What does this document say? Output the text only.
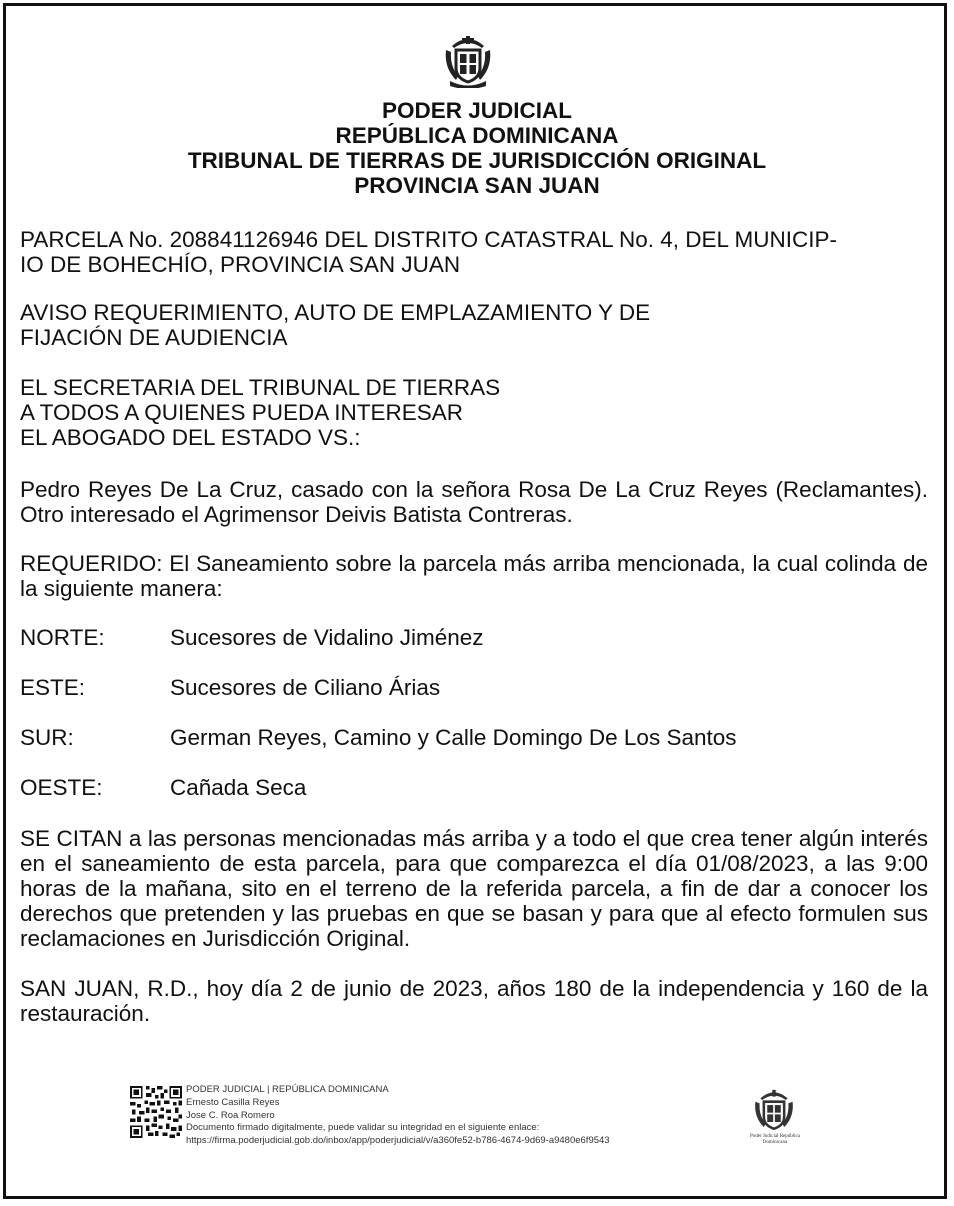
PODER JUDICIAL
REPÚBLICA DOMINICANA
TRIBUNAL DE TIERRAS DE JURISDICCIÓN ORIGINAL
PROVINCIA SAN JUAN
PARCELA No. 208841126946 DEL DISTRITO CATASTRAL No. 4, DEL MUNICIP-
IO DE BOHECHÍO, PROVINCIA SAN JUAN
AVISO REQUERIMIENTO, AUTO DE EMPLAZAMIENTO Y DE
FIJACIÓN DE AUDIENCIA
EL SECRETARIA DEL TRIBUNAL DE TIERRAS
A TODOS A QUIENES PUEDA INTERESAR
EL ABOGADO DEL ESTADO VS.:
Pedro Reyes De La Cruz, casado con la señora Rosa De La Cruz Reyes (Reclamantes). Otro interesado el Agrimensor Deivis Batista Contreras.
REQUERIDO: El Saneamiento sobre la parcela más arriba mencionada, la cual colinda de la siguiente manera:
NORTE:	Sucesores de Vidalino Jiménez
ESTE:	Sucesores de Ciliano Árias
SUR:	German Reyes, Camino y Calle Domingo De Los Santos
OESTE:	Cañada Seca
SE CITAN a las personas mencionadas más arriba y a todo el que crea tener algún interés en el saneamiento de esta parcela, para que comparezca el día 01/08/2023, a las 9:00 horas de la mañana, sito en el terreno de la referida parcela, a fin de dar a conocer los derechos que pretenden y las pruebas en que se basan y para que al efecto formulen sus reclamaciones en Jurisdicción Original.
SAN JUAN, R.D., hoy día 2 de junio de 2023, años 180 de la independencia y 160 de la restauración.
PODER JUDICIAL | REPÚBLICA DOMINICANA
Ernesto Casilla Reyes
Jose C. Roa Romero
Documento firmado digitalmente, puede validar su integridad en el siguiente enlace:
https://firma.poderjudicial.gob.do/inbox/app/poderjudicial/v/a360fe52-b786-4674-9d69-a9480e6f9543	Poder Judicial República Dominicana
